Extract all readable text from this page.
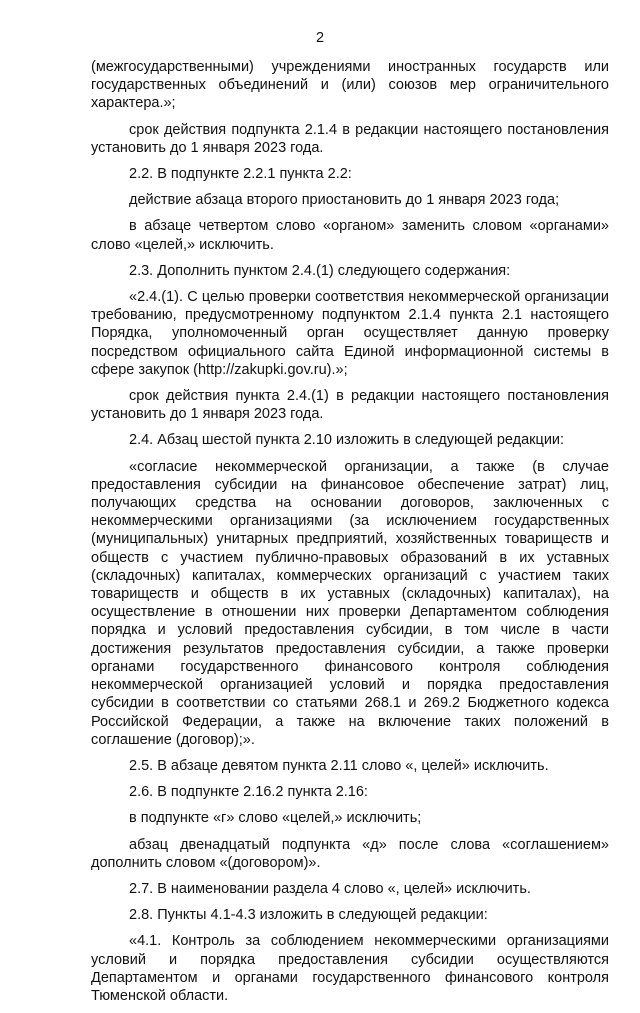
2

(межгосударственными) учреждениями иностранных государств или государственных объединений и (или) союзов мер ограничительного характера.»;

срок действия подпункта 2.1.4 в редакции настоящего постановления установить до 1 января 2023 года.

2.2. В подпункте 2.2.1 пункта 2.2:

действие абзаца второго приостановить до 1 января 2023 года;

в абзаце четвертом слово «органом» заменить словом «органами» слово «целей,» исключить.

2.3. Дополнить пунктом 2.4.(1) следующего содержания:

«2.4.(1). С целью проверки соответствия некоммерческой организации требованию, предусмотренному подпунктом 2.1.4 пункта 2.1 настоящего Порядка, уполномоченный орган осуществляет данную проверку посредством официального сайта Единой информационной системы в сфере закупок (http://zakupki.gov.ru).»;

срок действия пункта 2.4.(1) в редакции настоящего постановления установить до 1 января 2023 года.

2.4. Абзац шестой пункта 2.10 изложить в следующей редакции:

«согласие некоммерческой организации, а также (в случае предоставления субсидии на финансовое обеспечение затрат) лиц, получающих средства на основании договоров, заключенных с некоммерческими организациями (за исключением государственных (муниципальных) унитарных предприятий, хозяйственных товариществ и обществ с участием публично-правовых образований в их уставных (складочных) капиталах, коммерческих организаций с участием таких товариществ и обществ в их уставных (складочных) капиталах), на осуществление в отношении них проверки Департаментом соблюдения порядка и условий предоставления субсидии, в том числе в части достижения результатов предоставления субсидии, а также проверки органами государственного финансового контроля соблюдения некоммерческой организацией условий и порядка предоставления субсидии в соответствии со статьями 268.1 и 269.2 Бюджетного кодекса Российской Федерации, а также на включение таких положений в соглашение (договор);».

2.5. В абзаце девятом пункта 2.11 слово «, целей» исключить.

2.6. В подпункте 2.16.2 пункта 2.16:

в подпункте «г» слово «целей,» исключить;

абзац двенадцатый подпункта «д» после слова «соглашением» дополнить словом «(договором)».

2.7. В наименовании раздела 4 слово «, целей» исключить.

2.8. Пункты 4.1-4.3 изложить в следующей редакции:

«4.1. Контроль за соблюдением некоммерческими организациями условий и порядка предоставления субсидии осуществляются Департаментом и органами государственного финансового контроля Тюменской области.
